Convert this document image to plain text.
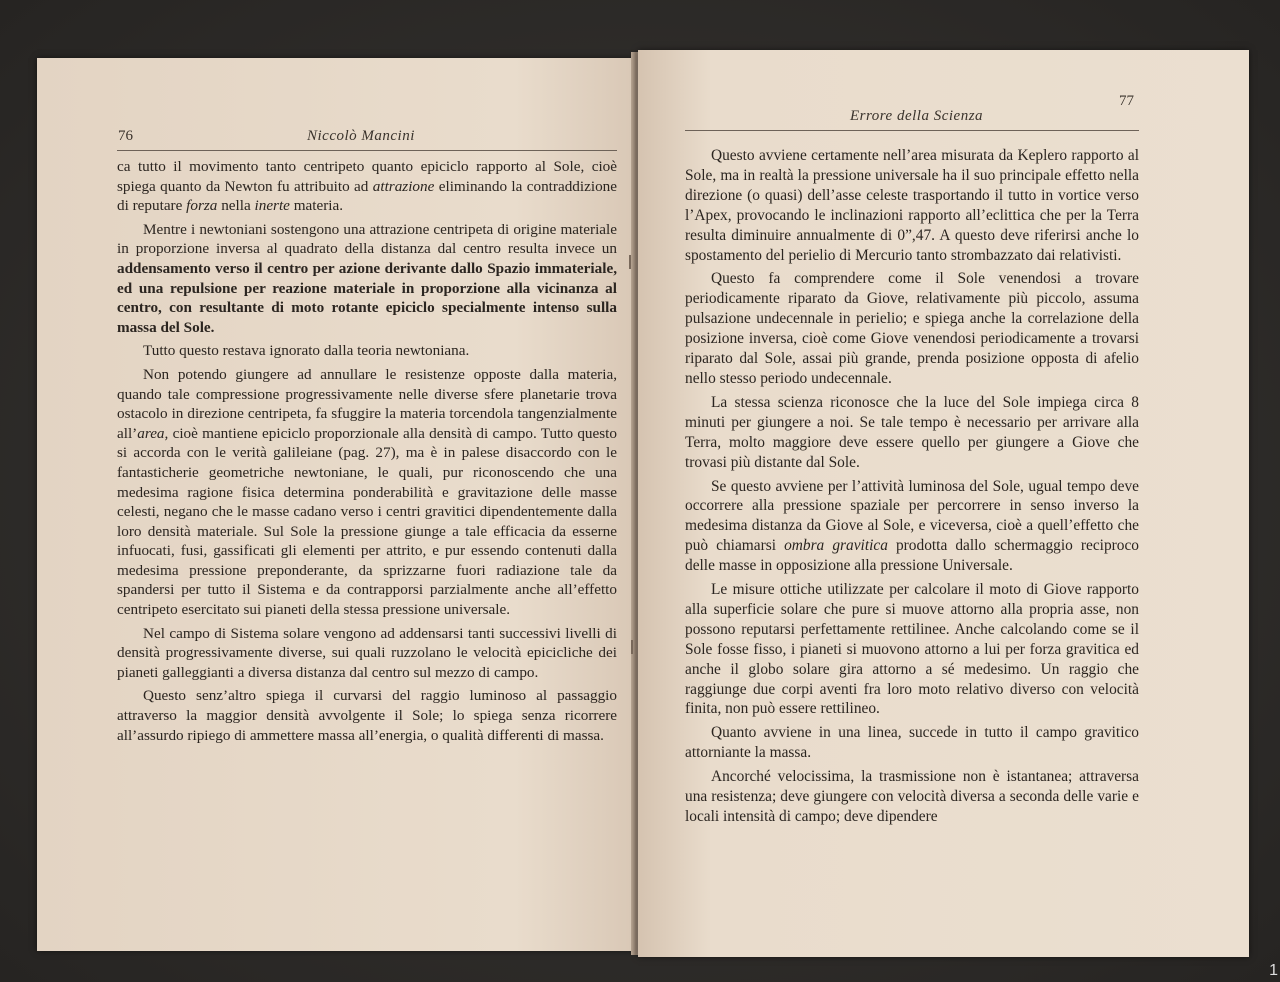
76	Niccolò Mancini

ca tutto il movimento tanto centripeto quanto epiciclo rapporto al Sole, cioè spiega quanto da Newton fu attribuito ad attrazione eliminando la contraddizione di reputare forza nella inerte materia.

Mentre i newtoniani sostengono una attrazione centripeta di origine materiale in proporzione inversa al quadrato della distanza dal centro resulta invece un addensamento verso il centro per azione derivante dallo Spazio immateriale, ed una repulsione per reazione materiale in proporzione alla vicinanza al centro, con resultante di moto rotante epiciclo specialmente intenso sulla massa del Sole.

Tutto questo restava ignorato dalla teoria newtoniana.

Non potendo giungere ad annullare le resistenze opposte dalla materia, quando tale compressione progressivamente nelle diverse sfere planetarie trova ostacolo in direzione centripeta, fa sfuggire la materia torcendola tangenzialmente all’area, cioè mantiene epiciclo proporzionale alla densità di campo. Tutto questo si accorda con le verità galileiane (pag. 27), ma è in palese disaccordo con le fantasticherie geometriche newtoniane, le quali, pur riconoscendo che una medesima ragione fisica determina ponderabilità e gravitazione delle masse celesti, negano che le masse cadano verso i centri gravitici dipendentemente dalla loro densità materiale. Sul Sole la pressione giunge a tale efficacia da esserne infuocati, fusi, gassificati gli elementi per attrito, e pur essendo contenuti dalla medesima pressione preponderante, da sprizzarne fuori radiazione tale da spandersi per tutto il Sistema e da contrapporsi parzialmente anche all’effetto centripeto esercitato sui pianeti della stessa pressione universale.

Nel campo di Sistema solare vengono ad addensarsi tanti successivi livelli di densità progressivamente diverse, sui quali ruzzolano le velocità epicicliche dei pianeti galleggianti a diversa distanza dal centro sul mezzo di campo.

Questo senz’altro spiega il curvarsi del raggio luminoso al passaggio attraverso la maggior densità avvolgente il Sole; lo spiega senza ricorrere all’assurdo ripiego di ammettere massa all’energia, o qualità differenti di massa.

Errore della Scienza
77

Questo avviene certamente nell’area misurata da Keplero rapporto al Sole, ma in realtà la pressione universale ha il suo principale effetto nella direzione (o quasi) dell’asse celeste trasportando il tutto in vortice verso l’Apex, provocando le inclinazioni rapporto all’eclittica che per la Terra resulta diminuire annualmente di 0”,47. A questo deve riferirsi anche lo spostamento del perielio di Mercurio tanto strombazzato dai relativisti.

Questo fa comprendere come il Sole venendosi a trovare periodicamente riparato da Giove, relativamente più piccolo, assuma pulsazione undecennale in perielio; e spiega anche la correlazione della posizione inversa, cioè come Giove venendosi periodicamente a trovarsi riparato dal Sole, assai più grande, prenda posizione opposta di afelio nello stesso periodo undecennale.

La stessa scienza riconosce che la luce del Sole impiega circa 8 minuti per giungere a noi. Se tale tempo è necessario per arrivare alla Terra, molto maggiore deve essere quello per giungere a Giove che trovasi più distante dal Sole.

Se questo avviene per l’attività luminosa del Sole, ugual tempo deve occorrere alla pressione spaziale per percorrere in senso inverso la medesima distanza da Giove al Sole, e viceversa, cioè a quell’effetto che può chiamarsi ombra gravitica prodotta dallo schermaggio reciproco delle masse in opposizione alla pressione Universale.

Le misure ottiche utilizzate per calcolare il moto di Giove rapporto alla superficie solare che pure si muove attorno alla propria asse, non possono reputarsi perfettamente rettilinee. Anche calcolando come se il Sole fosse fisso, i pianeti si muovono attorno a lui per forza gravitica ed anche il globo solare gira attorno a sé medesimo. Un raggio che raggiunge due corpi aventi fra loro moto relativo diverso con velocità finita, non può essere rettilineo.

Quanto avviene in una linea, succede in tutto il campo gravitico attorniante la massa.

Ancorché velocissima, la trasmissione non è istantanea; attraversa una resistenza; deve giungere con velocità diversa a seconda delle varie e locali intensità di campo; deve dipendere

1
